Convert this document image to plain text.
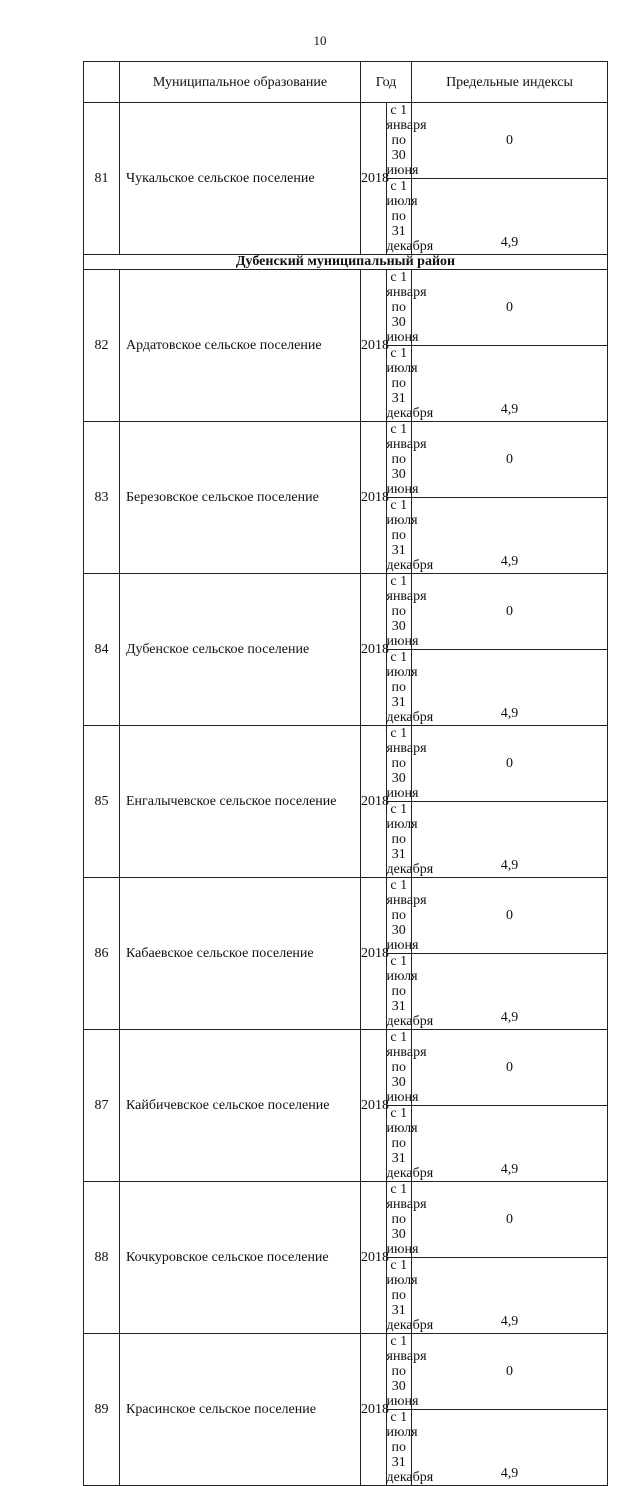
10
	Муниципальное образование	Год		Предельные индексы
81	Чукальское сельское поселение	2018	с 1 января по 30 июня	0
			с 1 июля по 31 декабря	4,9
Дубенский муниципальный район				
82	Ардатовское сельское поселение	2018	с 1 января по 30 июня	0
			с 1 июля по 31 декабря	4,9
83	Березовское сельское поселение	2018	с 1 января по 30 июня	0
			с 1 июля по 31 декабря	4,9
84	Дубенское сельское поселение	2018	с 1 января по 30 июня	0
			с 1 июля по 31 декабря	4,9
85	Енгалычевское сельское поселение	2018	с 1 января по 30 июня	0
			с 1 июля по 31 декабря	4,9
86	Кабаевское сельское поселение	2018	с 1 января по 30 июня	0
			с 1 июля по 31 декабря	4,9
87	Кайбичевское сельское поселение	2018	с 1 января по 30 июня	0
			с 1 июля по 31 декабря	4,9
88	Кочкуровское сельское поселение	2018	с 1 января по 30 июня	0
			с 1 июля по 31 декабря	4,9
89	Красинское сельское поселение	2018	с 1 января по 30 июня	0
			с 1 июля по 31 декабря	4,9
